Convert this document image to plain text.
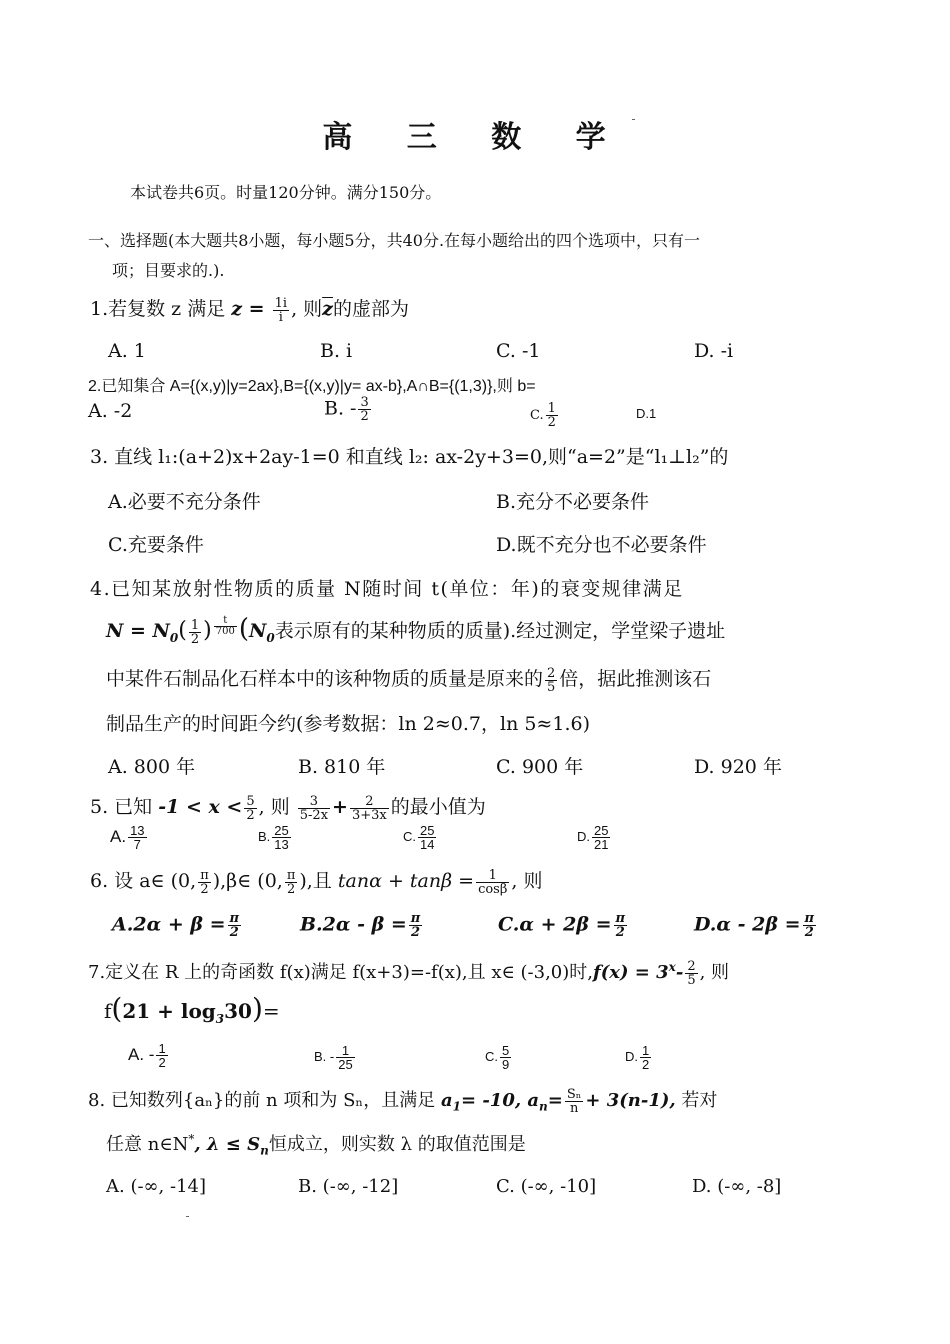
高 三 数 学
本试卷共6页。时量120分钟。满分150分。
一、选择题(本大题共8小题，每小题5分，共40分.在每小题给出的四个选项中，只有一
项；目要求的.).
1.若复数 z 满足 $z = \frac{1i}{i}$ , 则$\overline{z}$的虚部为
A. 1	B. i	C. -1	D. -i
2.已知集合 A={(x,y)|y=2ax},B={(x,y)|y= ax-b},A∩B={(1,3)},则 b=
A. -2	B. - $\frac{3}{2}$	C. $\frac{1}{2}$	D.1
3. 直线 l₁:(a+2)x+2ay-1=0 和直线 l₂: ax-2y+3=0,则“a=2”是“l₁⊥l₂”的
A.必要不充分条件	B.充分不必要条件
C.充要条件	D.既不充分也不必要条件
4.已知某放射性物质的质量 N随时间 t(单位：年)的衰变规律满足
$N = N_0( \frac{1}{2}$ ) $^{\frac{t}{700}}$ ($N_0$表示原有的某种物质的质量).经过测定，学堂梁子遗址
中某件石制品化石样本中的该种物质的质量是原来的 $\frac{2}{5}$ 倍，据此推测该石
制品生产的时间距今约(参考数据：ln 2≈0.7，ln 5≈1.6)
A. 800 年	B. 810 年	C. 900 年	D. 920 年
5. 已知 $-1 < x < \frac{5}{2}$ , 则 $\frac{3}{5-2x} + \frac{2}{3+3x}$ 的最小值为
A. $\frac{13}{7}$	B. $\frac{25}{13}$	C. $\frac{25}{14}$	D. $\frac{25}{21}$
6. 设 a∈ (0, $\frac{\pi}{2}$ ),β∈ (0, $\frac{\pi}{2}$ ),且 $\tan\alpha + \tan\beta = \frac{1}{\cos\beta}$ , 则
$A.2\alpha + \beta = \frac{\pi}{2}$	$B.2\alpha - \beta = \frac{\pi}{2}$	$C.\alpha + 2\beta = \frac{\pi}{2}$	$D.\alpha - 2\beta = \frac{\pi}{2}$
7.定义在 R 上的奇函数 f(x)满足 f(x+3)=-f(x),且 x∈ (-3,0)时$,f(x) = 3^x- \frac{2}{5}$ , 则
$f(21 + \log_330)=$
A. - $\frac{1}{2}$	B. - $\frac{1}{25}$	C. $\frac{5}{9}$	D. $\frac{1}{2}$
8. 已知数列{aₙ}的前 n 项和为 Sₙ，且满足 $a_1= -10$, $a_n= \frac{\text{Sₙ}}{n} + 3(n-1)$, 若对
任意 n∈N*, $\lambda \le S_n$恒成立，则实数 λ 的取值范围是
A. (-∞, -14]	B. (-∞, -12]	C. (-∞, -10]	D. (-∞, -8]
